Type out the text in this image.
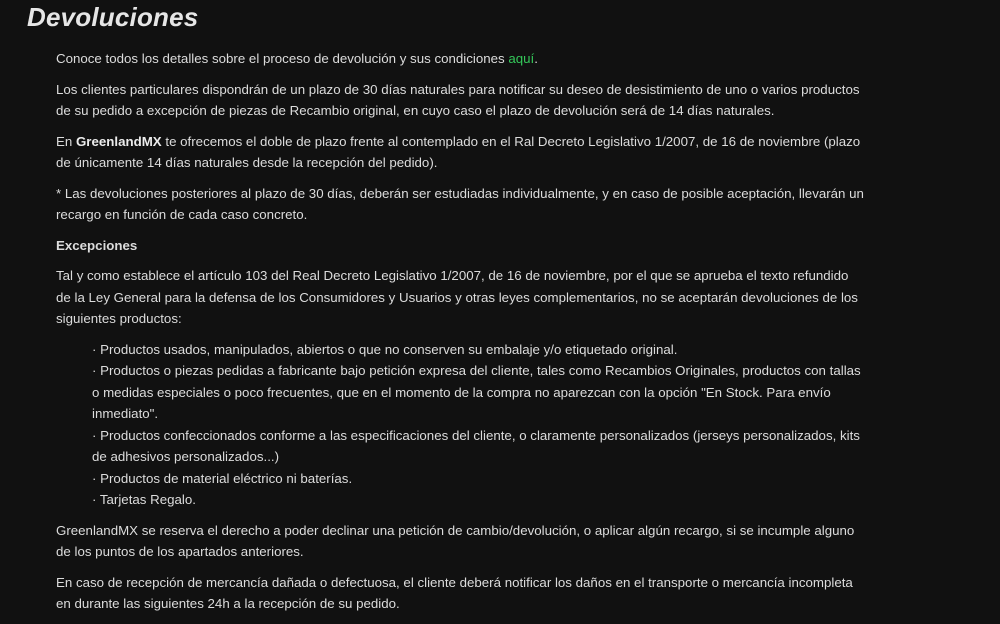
Devoluciones

Conoce todos los detalles sobre el proceso de devolución y sus condiciones aquí.

Los clientes particulares dispondrán de un plazo de 30 días naturales para notificar su deseo de desistimiento de uno o varios productos de su pedido a excepción de piezas de Recambio original, en cuyo caso el plazo de devolución será de 14 días naturales.

En GreenlandMX te ofrecemos el doble de plazo frente al contemplado en el Ral Decreto Legislativo 1/2007, de 16 de noviembre (plazo de únicamente 14 días naturales desde la recepción del pedido).

* Las devoluciones posteriores al plazo de 30 días, deberán ser estudiadas individualmente, y en caso de posible aceptación, llevarán un recargo en función de cada caso concreto.

Excepciones

Tal y como establece el artículo 103 del Real Decreto Legislativo 1/2007, de 16 de noviembre, por el que se aprueba el texto refundido de la Ley General para la defensa de los Consumidores y Usuarios y otras leyes complementarios, no se aceptarán devoluciones de los siguientes productos:

· Productos usados, manipulados, abiertos o que no conserven su embalaje y/o etiquetado original.
· Productos o piezas pedidas a fabricante bajo petición expresa del cliente, tales como Recambios Originales, productos con tallas o medidas especiales o poco frecuentes, que en el momento de la compra no aparezcan con la opción "En Stock. Para envío inmediato".
· Productos confeccionados conforme a las especificaciones del cliente, o claramente personalizados (jerseys personalizados, kits de adhesivos personalizados...)
· Productos de material eléctrico ni baterías.
· Tarjetas Regalo.

GreenlandMX se reserva el derecho a poder declinar una petición de cambio/devolución, o aplicar algún recargo, si se incumple alguno de los puntos de los apartados anteriores.

En caso de recepción de mercancía dañada o defectuosa, el cliente deberá notificar los daños en el transporte o mercancía incompleta en durante las siguientes 24h a la recepción de su pedido.
